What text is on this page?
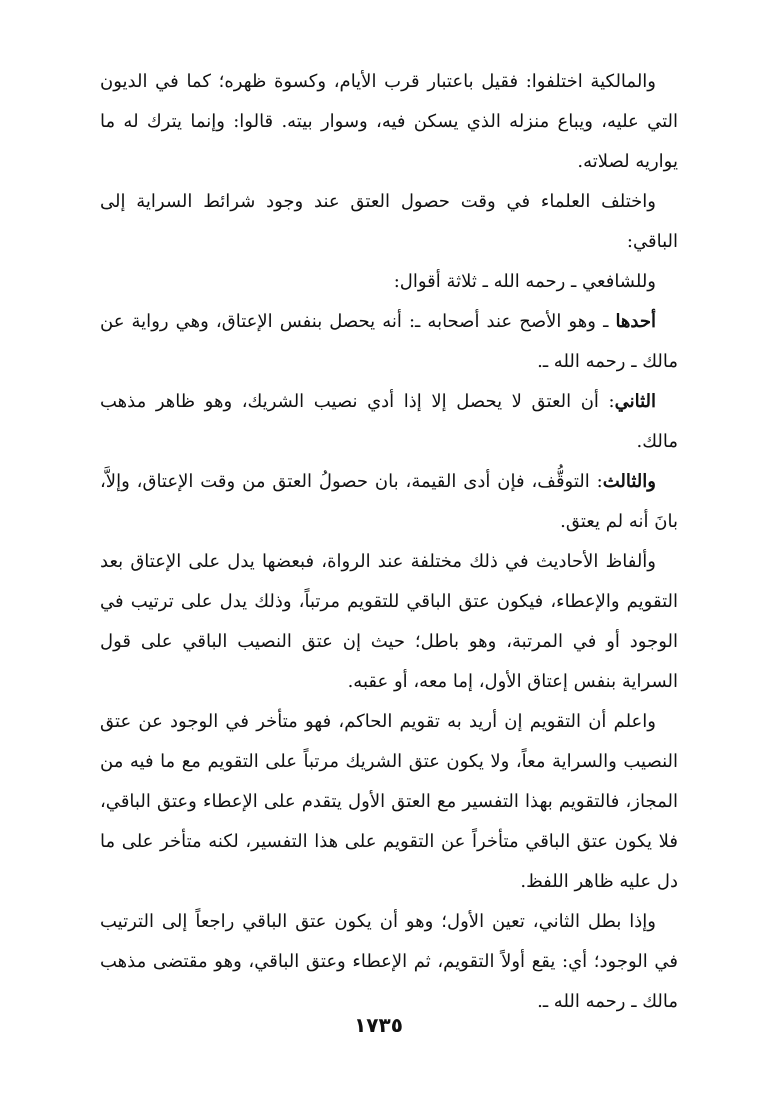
والمالكية اختلفوا: فقيل باعتبار قرب الأيام، وكسوة ظهره؛ كما في الديون التي عليه، ويباع منزله الذي يسكن فيه، وسوار بيته. قالوا: وإنما يترك له ما يواريه لصلاته.

واختلف العلماء في وقت حصول العتق عند وجود شرائط السراية إلى الباقي:

وللشافعي ـ رحمه الله ـ ثلاثة أقوال:

أحدها ـ وهو الأصح عند أصحابه ـ: أنه يحصل بنفس الإعتاق، وهي رواية عن مالك ـ رحمه الله ـ.

الثاني: أن العتق لا يحصل إلا إذا أدي نصيب الشريك، وهو ظاهر مذهب مالك.

والثالث: التوقُّف، فإن أدى القيمة، بان حصولُ العتق من وقت الإعتاق، وإلاَّ، بانَ أنه لم يعتق.

وألفاظ الأحاديث في ذلك مختلفة عند الرواة، فبعضها يدل على الإعتاق بعد التقويم والإعطاء، فيكون عتق الباقي للتقويم مرتباً، وذلك يدل على ترتيب في الوجود أو في المرتبة، وهو باطل؛ حيث إن عتق النصيب الباقي على قول السراية بنفس إعتاق الأول، إما معه، أو عقبه.

واعلم أن التقويم إن أريد به تقويم الحاكم، فهو متأخر في الوجود عن عتق النصيب والسراية معاً، ولا يكون عتق الشريك مرتباً على التقويم مع ما فيه من المجاز، فالتقويم بهذا التفسير مع العتق الأول يتقدم على الإعطاء وعتق الباقي، فلا يكون عتق الباقي متأخراً عن التقويم على هذا التفسير، لكنه متأخر على ما دل عليه ظاهر اللفظ.

وإذا بطل الثاني، تعين الأول؛ وهو أن يكون عتق الباقي راجعاً إلى الترتيب في الوجود؛ أي: يقع أولاً التقويم، ثم الإعطاء وعتق الباقي، وهو مقتضى مذهب مالك ـ رحمه الله ـ.

١٧٣٥
